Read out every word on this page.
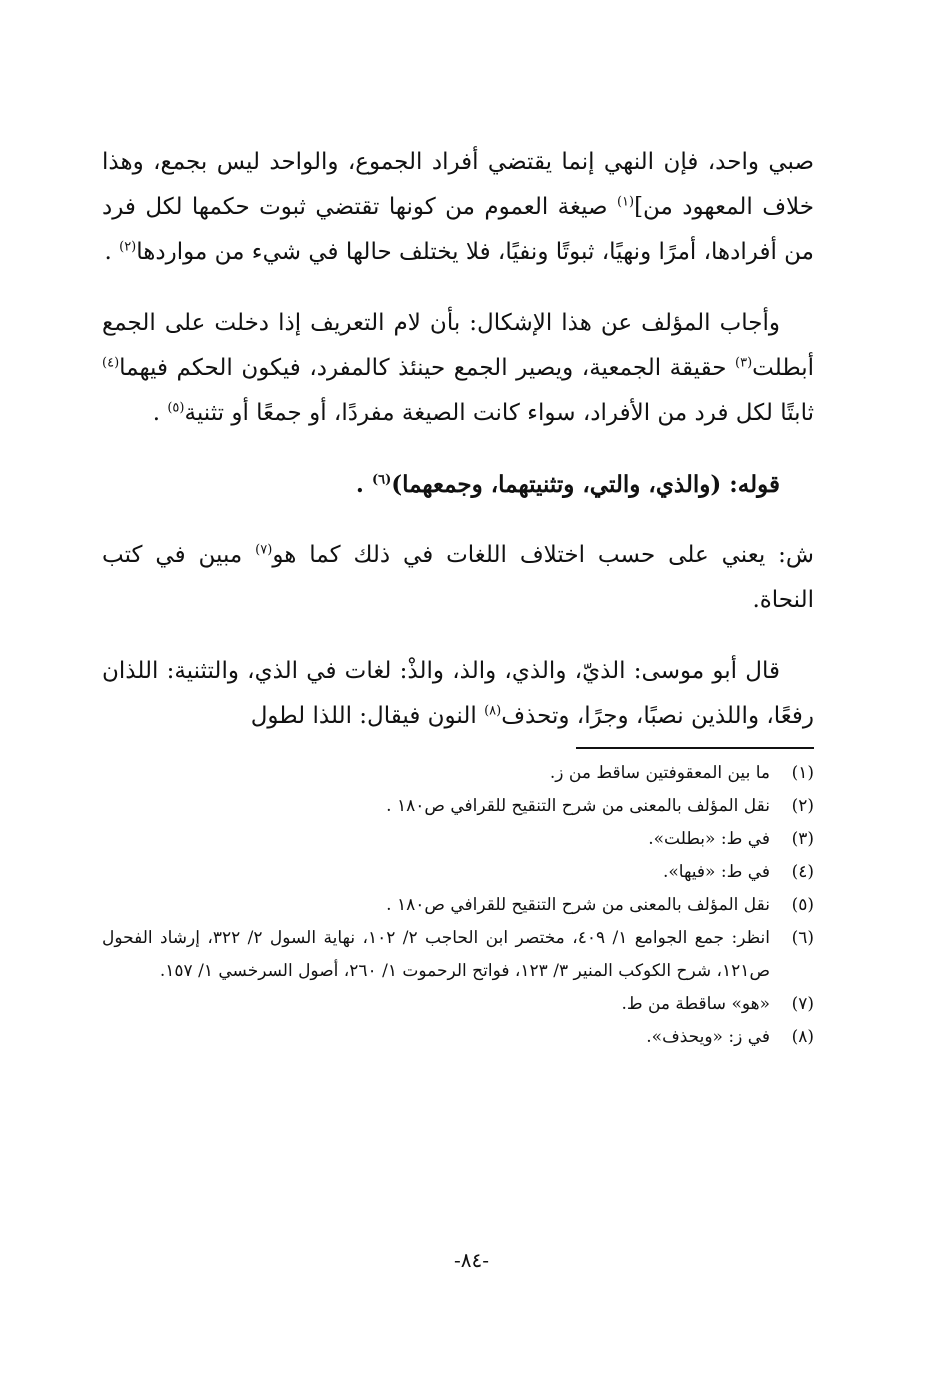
صبي واحد، فإن النهي إنما يقتضي أفراد الجموع، والواحد ليس بجمع، وهذا خلاف المعهود من]$^{(١)}$ صيغة العموم من كونها تقتضي ثبوت حكمها لكل فرد من أفرادها، أمرًا ونهيًا، ثبوتًا ونفيًا، فلا يختلف حالها في شيء من مواردها$^{(٢)}$ .

وأجاب المؤلف عن هذا الإشكال: بأن لام التعريف إذا دخلت على الجمع أبطلت$^{(٣)}$ حقيقة الجمعية، ويصير الجمع حينئذ كالمفرد، فيكون الحكم فيهما$^{(٤)}$ ثابتًا لكل فرد من الأفراد، سواء كانت الصيغة مفردًا، أو جمعًا أو تثنية$^{(٥)}$ .

قوله: (والذي، والتي، وتثنيتهما، وجمعهما)$^{(٦)}$ .

ش: يعني على حسب اختلاف اللغات في ذلك كما هو$^{(٧)}$ مبين في كتب النحاة.

قال أبو موسى: الذيّ، والذي، والذ، والذْ: لغات في الذي، والتثنية: اللذان رفعًا، واللذين نصبًا، وجرًا، وتحذف$^{(٨)}$ النون فيقال: اللذا لطول

(١)
ما بين المعقوفتين ساقط من ز.
(٢)
نقل المؤلف بالمعنى من شرح التنقيح للقرافي ص١٨٠ .
(٣)
في ط: «بطلت».
(٤)
في ط: «فيها».
(٥)
نقل المؤلف بالمعنى من شرح التنقيح للقرافي ص١٨٠ .
(٦)
انظر: جمع الجوامع ١/ ٤٠٩، مختصر ابن الحاجب ٢/ ١٠٢، نهاية السول ٢/ ٣٢٢، إرشاد الفحول ص١٢١، شرح الكوكب المنير ٣/ ١٢٣، فواتح الرحموت ١/ ٢٦٠، أصول السرخسي ١/ ١٥٧.
(٧)
«هو» ساقطة من ط.
(٨)
في ز: «ويحذف».
-٨٤-
